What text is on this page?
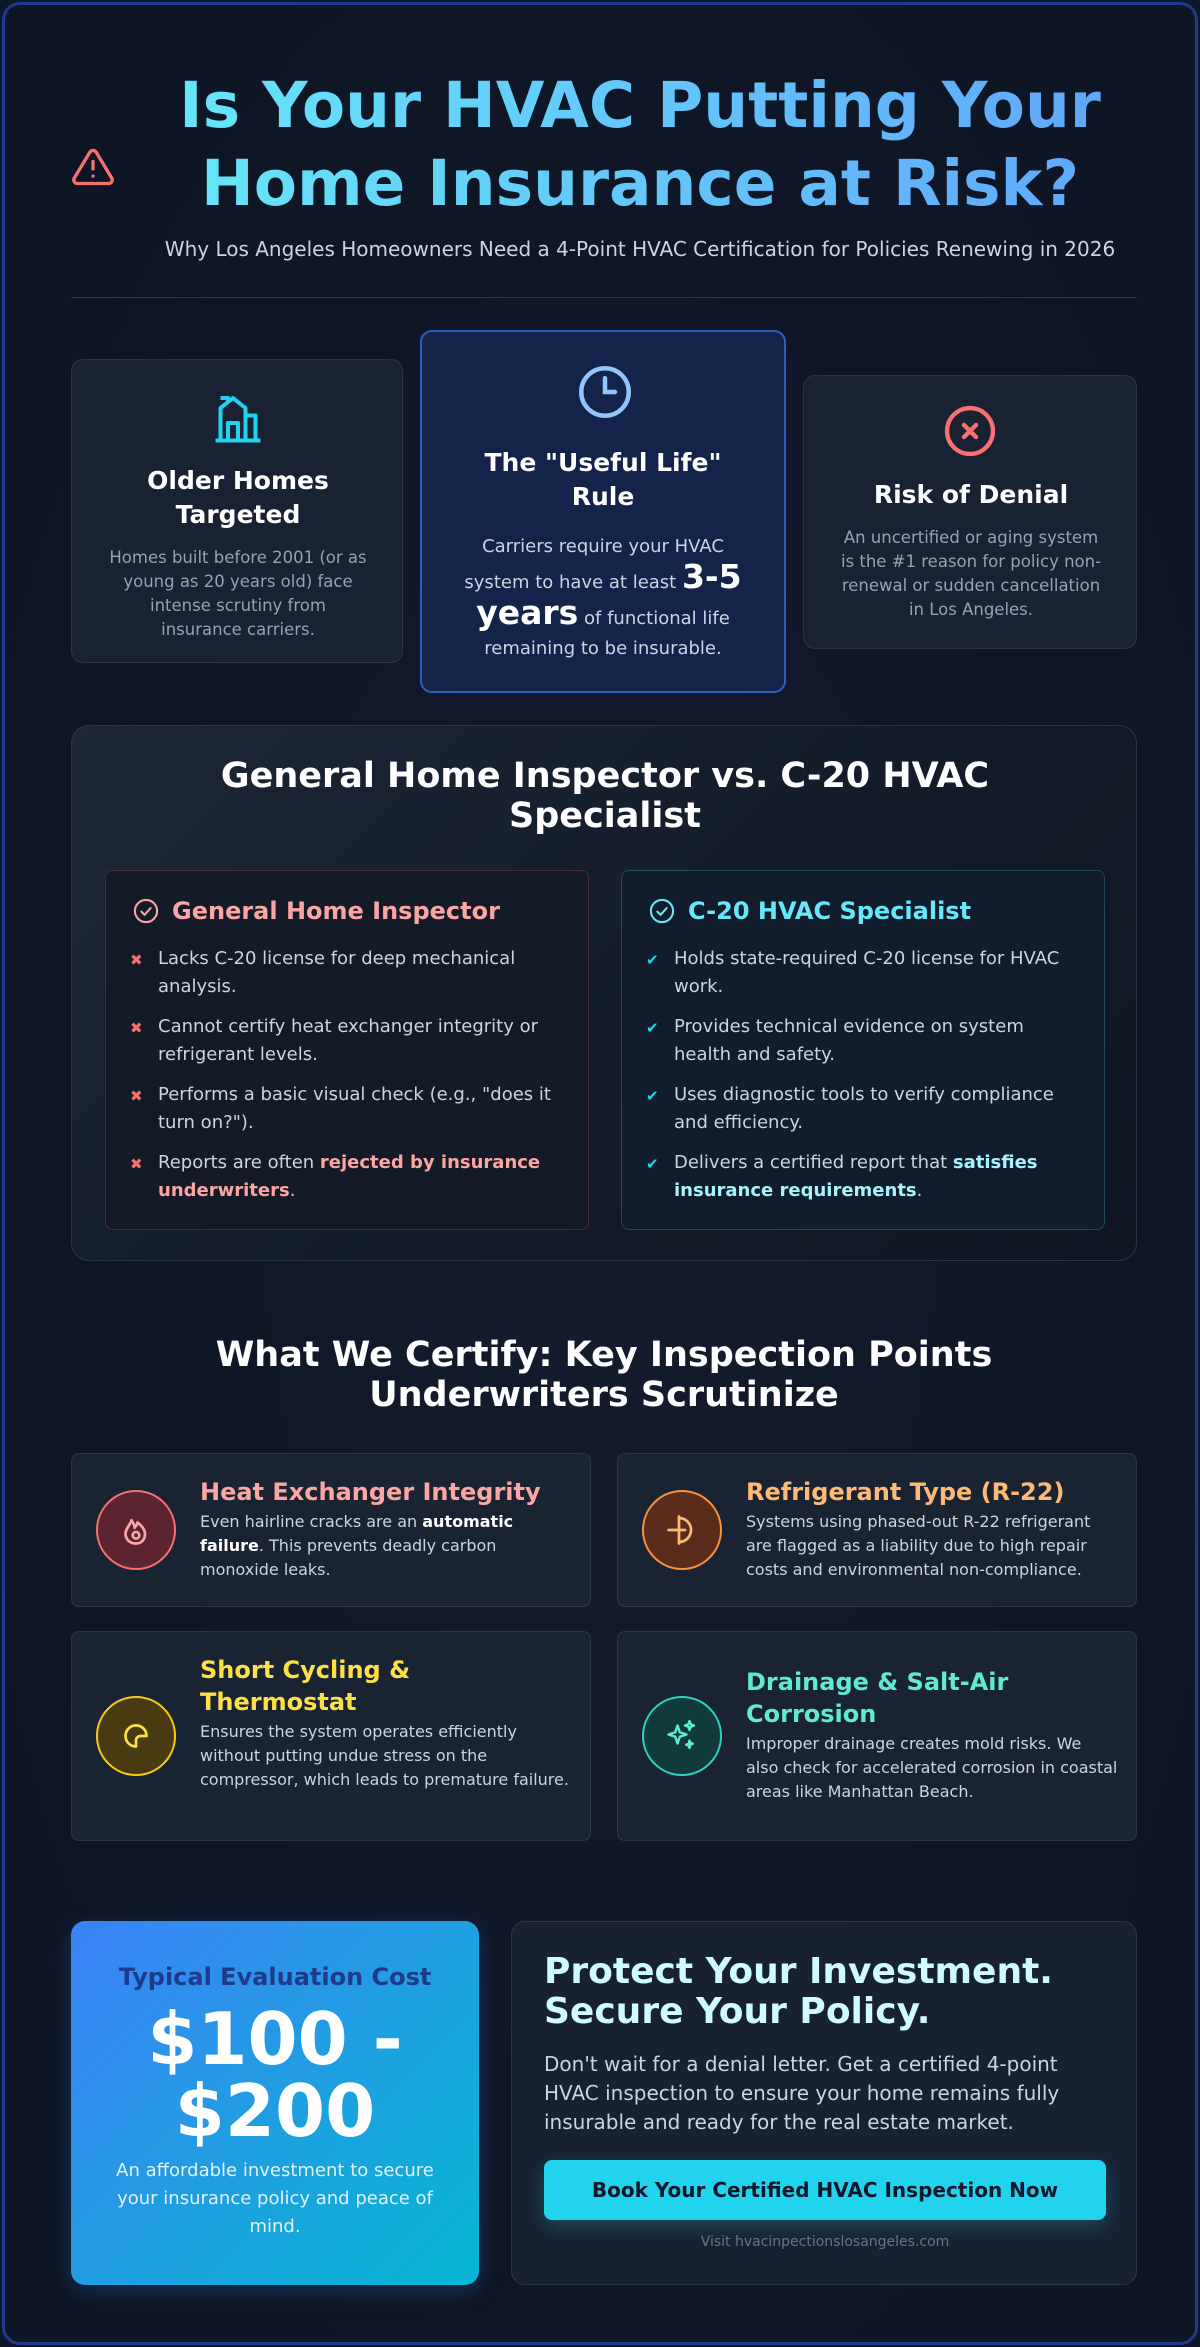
Is Your HVAC Putting Your
Home Insurance at Risk?
Why Los Angeles Homeowners Need a 4-Point HVAC Certification for Policies Renewing in 2026
Older Homes
Targeted
Homes built before 2001 (or as young as 20 years old) face intense scrutiny from insurance carriers.
The "Useful Life"
Rule
Carriers require your HVAC system to have at least 3-5 years of functional life remaining to be insurable.
Risk of Denial
An uncertified or aging system is the #1 reason for policy non-renewal or sudden cancellation in Los Angeles.
General Home Inspector vs. C-20 HVAC
Specialist
General Home Inspector
✖ Lacks C-20 license for deep mechanical analysis.
✖ Cannot certify heat exchanger integrity or refrigerant levels.
✖ Performs a basic visual check (e.g., "does it turn on?").
✖ Reports are often rejected by insurance underwriters.
C-20 HVAC Specialist
✔ Holds state-required C-20 license for HVAC work.
✔ Provides technical evidence on system health and safety.
✔ Uses diagnostic tools to verify compliance and efficiency.
✔ Delivers a certified report that satisfies insurance requirements.
What We Certify: Key Inspection Points
Underwriters Scrutinize
Heat Exchanger Integrity
Even hairline cracks are an automatic failure. This prevents deadly carbon monoxide leaks.
Refrigerant Type (R-22)
Systems using phased-out R-22 refrigerant are flagged as a liability due to high repair costs and environmental non-compliance.
Short Cycling &
Thermostat
Ensures the system operates efficiently without putting undue stress on the compressor, which leads to premature failure.
Drainage & Salt-Air
Corrosion
Improper drainage creates mold risks. We also check for accelerated corrosion in coastal areas like Manhattan Beach.
Typical Evaluation Cost
$100 -
$200
An affordable investment to secure your insurance policy and peace of mind.
Protect Your Investment.
Secure Your Policy.
Don't wait for a denial letter. Get a certified 4-point HVAC inspection to ensure your home remains fully insurable and ready for the real estate market.
Book Your Certified HVAC Inspection Now
Visit hvacinpectionslosangeles.com
